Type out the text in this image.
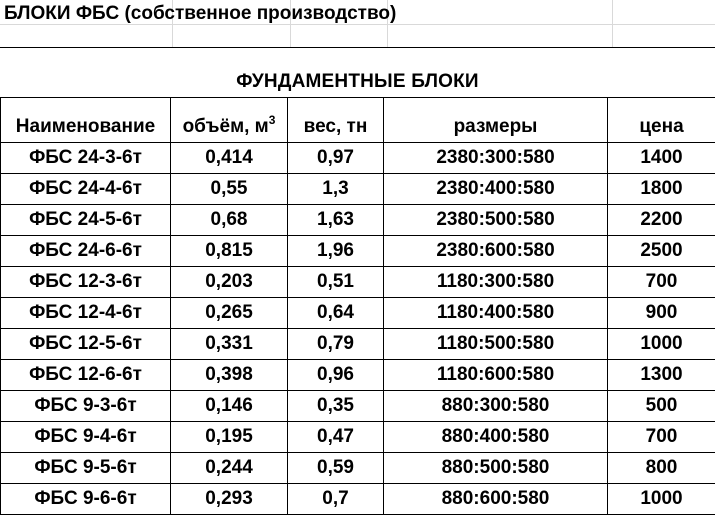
БЛОКИ ФБС (собственное производство)
ФУНДАМЕНТНЫЕ БЛОКИ
Наименование	объём, $м^3$	вес, тн	размеры	цена
ФБС 24-3-6т	0,414	0,97	2380:300:580	1400
ФБС 24-4-6т	0,55	1,3	2380:400:580	1800
ФБС 24-5-6т	0,68	1,63	2380:500:580	2200
ФБС 24-6-6т	0,815	1,96	2380:600:580	2500
ФБС 12-3-6т	0,203	0,51	1180:300:580	700
ФБС 12-4-6т	0,265	0,64	1180:400:580	900
ФБС 12-5-6т	0,331	0,79	1180:500:580	1000
ФБС 12-6-6т	0,398	0,96	1180:600:580	1300
ФБС 9-3-6т	0,146	0,35	880:300:580	500
ФБС 9-4-6т	0,195	0,47	880:400:580	700
ФБС 9-5-6т	0,244	0,59	880:500:580	800
ФБС 9-6-6т	0,293	0,7	880:600:580	1000
